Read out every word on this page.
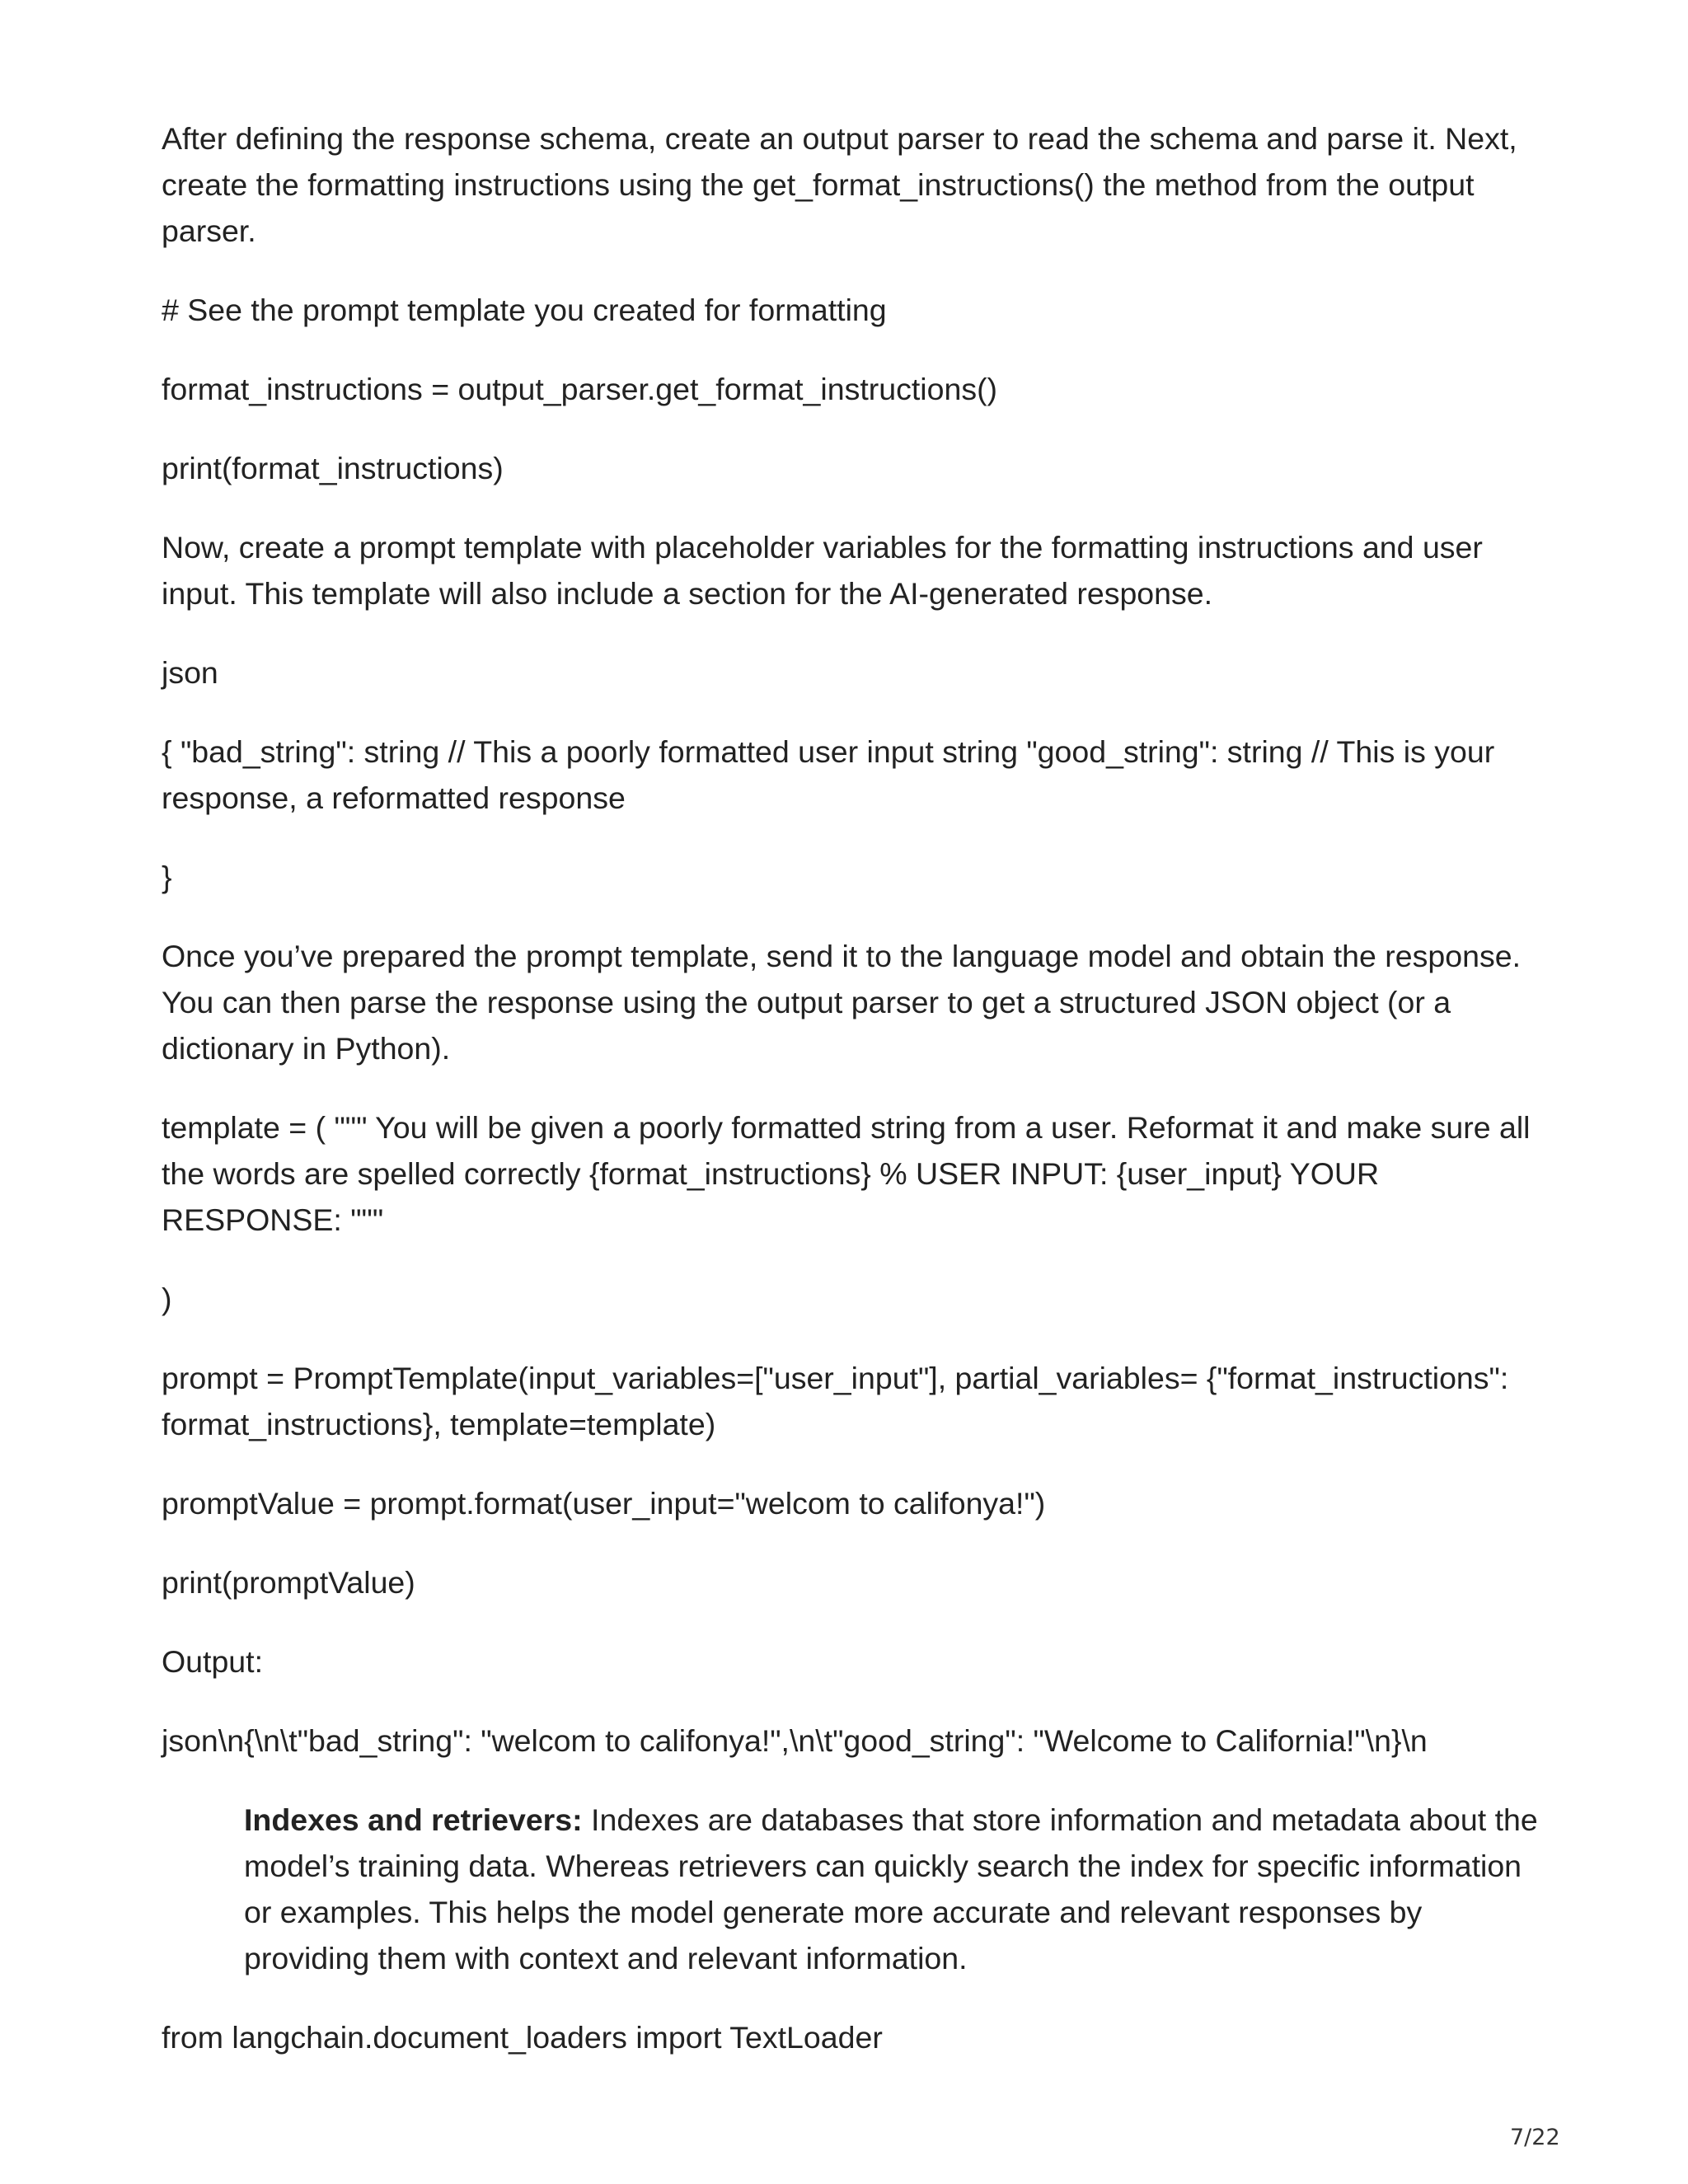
After defining the response schema, create an output parser to read the schema and parse it. Next, create the formatting instructions using the get_format_instructions() the method from the output parser.

# See the prompt template you created for formatting

format_instructions = output_parser.get_format_instructions()

print(format_instructions)

Now, create a prompt template with placeholder variables for the formatting instructions and user input. This template will also include a section for the AI-generated response.

json

{ "bad_string": string // This a poorly formatted user input string "good_string": string // This is your response, a reformatted response

}

Once you’ve prepared the prompt template, send it to the language model and obtain the response. You can then parse the response using the output parser to get a structured JSON object (or a dictionary in Python).

template = ( """ You will be given a poorly formatted string from a user. Reformat it and make sure all the words are spelled correctly {format_instructions} % USER INPUT: {user_input} YOUR RESPONSE: """

)

prompt = PromptTemplate(input_variables=["user_input"], partial_variables= {"format_instructions": format_instructions}, template=template)

promptValue = prompt.format(user_input="welcom to califonya!")

print(promptValue)

Output:

json\n{\n\t"bad_string": "welcom to califonya!",\n\t"good_string": "Welcome to California!"\n}\n

Indexes and retrievers: Indexes are databases that store information and metadata about the model’s training data. Whereas retrievers can quickly search the index for specific information or examples. This helps the model generate more accurate and relevant responses by providing them with context and relevant information.

from langchain.document_loaders import TextLoader

7/22
